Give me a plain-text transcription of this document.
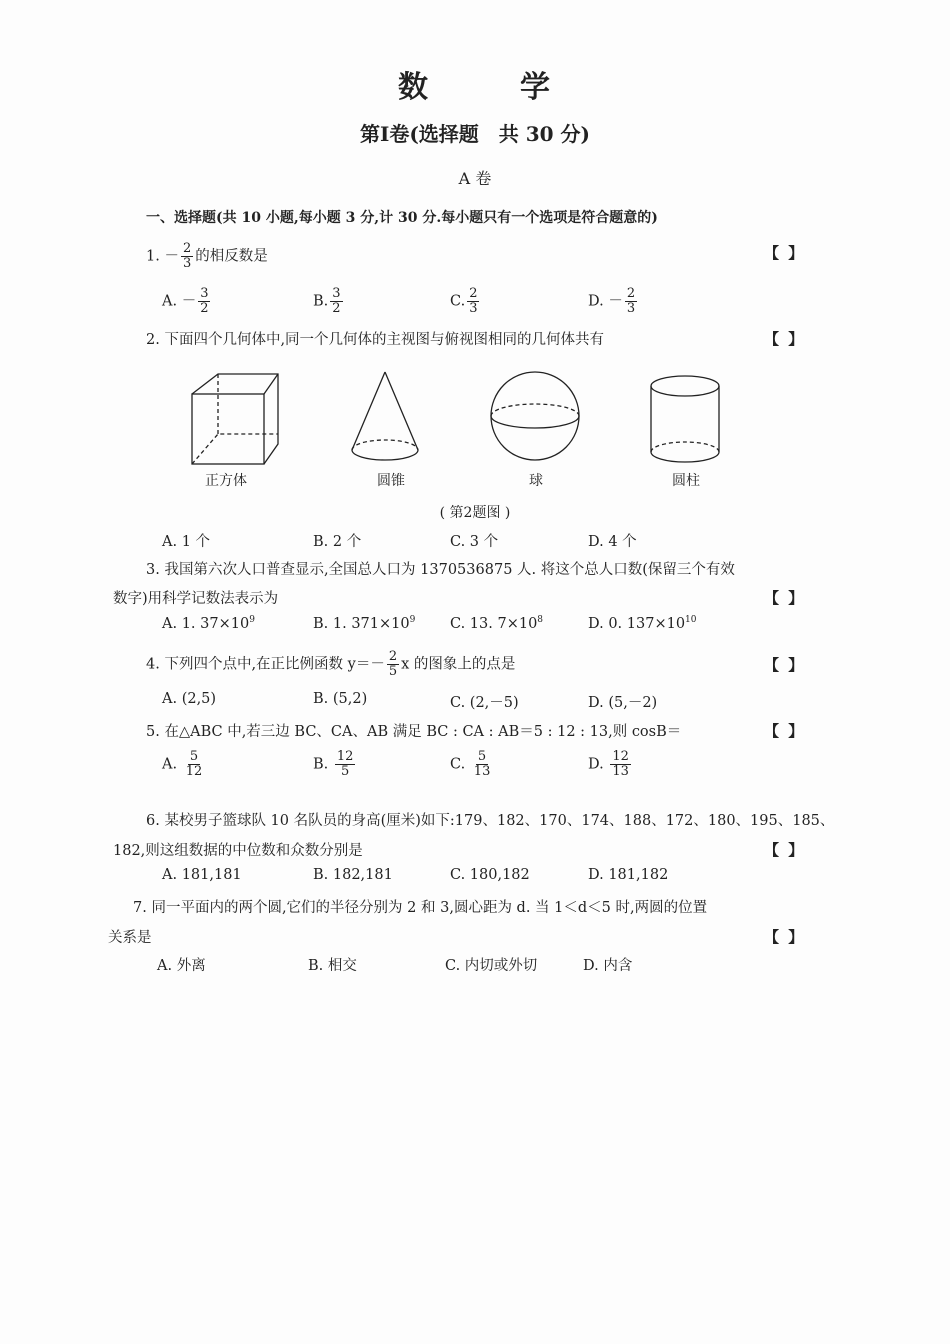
数	学
第Ⅰ卷(选择题　共 30 分)
A 卷
一、选择题(共 10 小题,每小题 3 分,计 30 分.每小题只有一个选项是符合题意的)
1. － $\frac{2}{3}$ 的相反数是	【 】
A. － $\frac{3}{2}$	B. $\frac{3}{2}$	C. $\frac{2}{3}$	D. － $\frac{2}{3}$
2. 下面四个几何体中,同一个几何体的主视图与俯视图相同的几何体共有	【 】
正方体	圆锥	球	圆柱
( 第2题图 )
A. 1 个	B. 2 个	C. 3 个	D. 4 个
3. 我国第六次人口普查显示,全国总人口为 1370536875 人. 将这个总人口数(保留三个有效
数字)用科学记数法表示为	【 】
A. 1. $37\times 10^9$	B. 1. $371\times 10^9$ C. 13. $7\times 10^8$	D. 0. $137\times 10^{10}$
4. 下列四个点中,在正比例函数 $y=- \frac{2}{5}$ x 的图象上的点是	【 】
A. (2,5)	B. (5,2)	C. (2,－5)	D. (5,－2)
5. 在△ABC 中,若三边 BC、CA、AB 满足 BC : CA : AB＝5 : 12 : 13,则 cosB＝	【 】
A. $\frac{5}{12}$	B. $\frac{12}{5}$	C. $\frac{5}{13}$	D. $\frac{12}{13}$
6. 某校男子篮球队 10 名队员的身高(厘米)如下:179、182、170、174、188、172、180、195、185、
182,则这组数据的中位数和众数分别是	【 】
A. 181,181	B. 182,181	C. 180,182	D. 181,182
7. 同一平面内的两个圆,它们的半径分别为 2 和 3,圆心距为 d. 当 1＜d＜5 时,两圆的位置
关系是	【 】
A. 外离	B. 相交	C. 内切或外切	D. 内含
